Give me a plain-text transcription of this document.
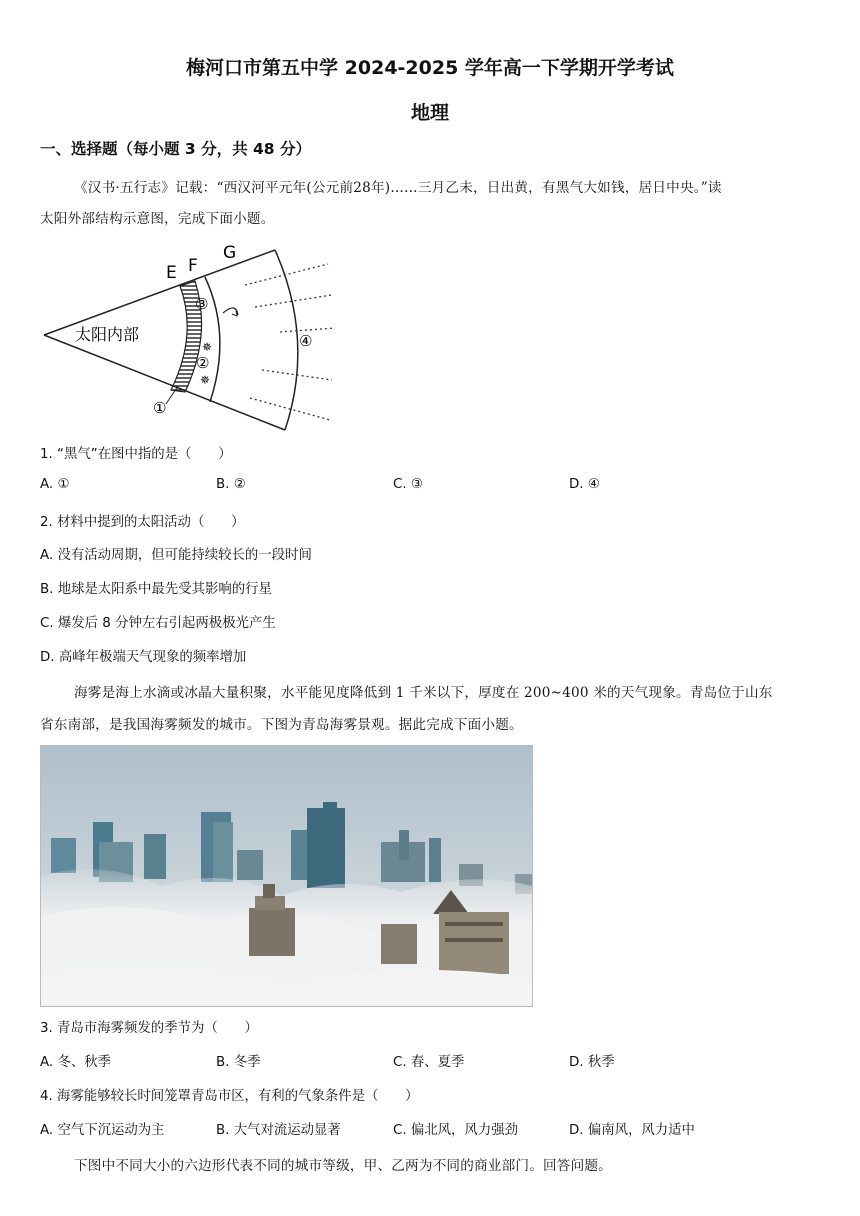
梅河口市第五中学 2024-2025 学年高一下学期开学考试
地理
一、选择题（每小题 3 分，共 48 分）
《汉书·五行志》记载：“西汉河平元年(公元前28年)……三月乙未，日出黄，有黑气大如钱，居日中央。”读
太阳外部结构示意图，完成下面小题。
✵
✵
太阳内部
E F
G
①
②
③
④
1. “黑气”在图中指的是（　　）
A. ①	B. ②	C. ③	D. ④
2. 材料中提到的太阳活动（　　）
A. 没有活动周期，但可能持续较长的一段时间
B. 地球是太阳系中最先受其影响的行星
C. 爆发后 8 分钟左右引起两极极光产生
D. 高峰年极端天气现象的频率增加
海雾是海上水滴或冰晶大量积聚，水平能见度降低到 1 千米以下，厚度在 200~400 米的天气现象。青岛位于山东
省东南部，是我国海雾频发的城市。下图为青岛海雾景观。据此完成下面小题。
3. 青岛市海雾频发的季节为（　　）
A. 冬、秋季	B. 冬季	C. 春、夏季	D. 秋季
4. 海雾能够较长时间笼罩青岛市区，有利的气象条件是（　　）
A. 空气下沉运动为主	B. 大气对流运动显著	C. 偏北风，风力强劲	D. 偏南风，风力适中
下图中不同大小的六边形代表不同的城市等级，甲、乙两为不同的商业部门。回答问题。
